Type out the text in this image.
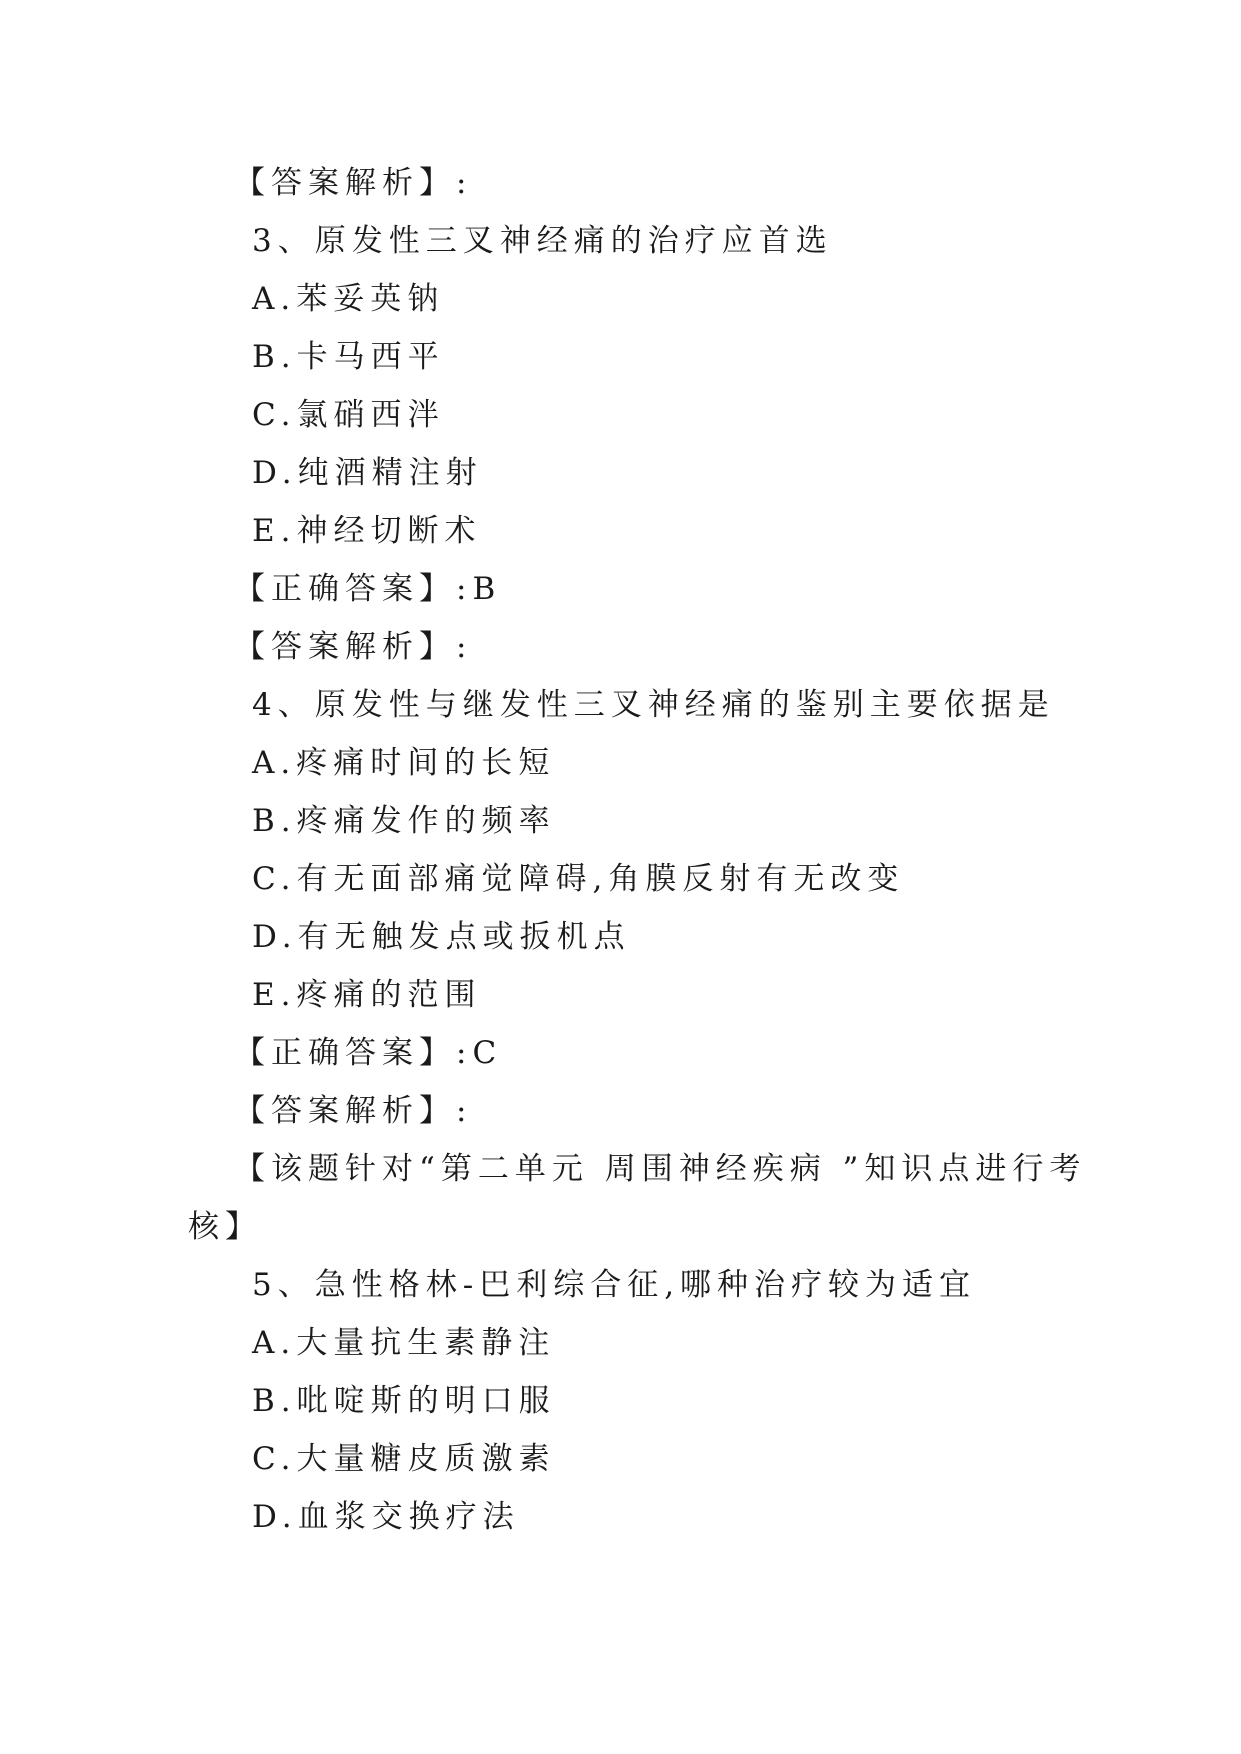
【答案解析】:
3、原发性三叉神经痛的治疗应首选
A.苯妥英钠
B.卡马西平
C.氯硝西泮
D.纯酒精注射
E.神经切断术
【正确答案】:B
【答案解析】:
4、原发性与继发性三叉神经痛的鉴别主要依据是
A.疼痛时间的长短
B.疼痛发作的频率
C.有无面部痛觉障碍,角膜反射有无改变
D.有无触发点或扳机点
E.疼痛的范围
【正确答案】:C
【答案解析】:
【该题针对“第二单元 周围神经疾病 ”知识点进行考
核】
5、急性格林-巴利综合征,哪种治疗较为适宜
A.大量抗生素静注
B.吡啶斯的明口服
C.大量糖皮质激素
D.血浆交换疗法
